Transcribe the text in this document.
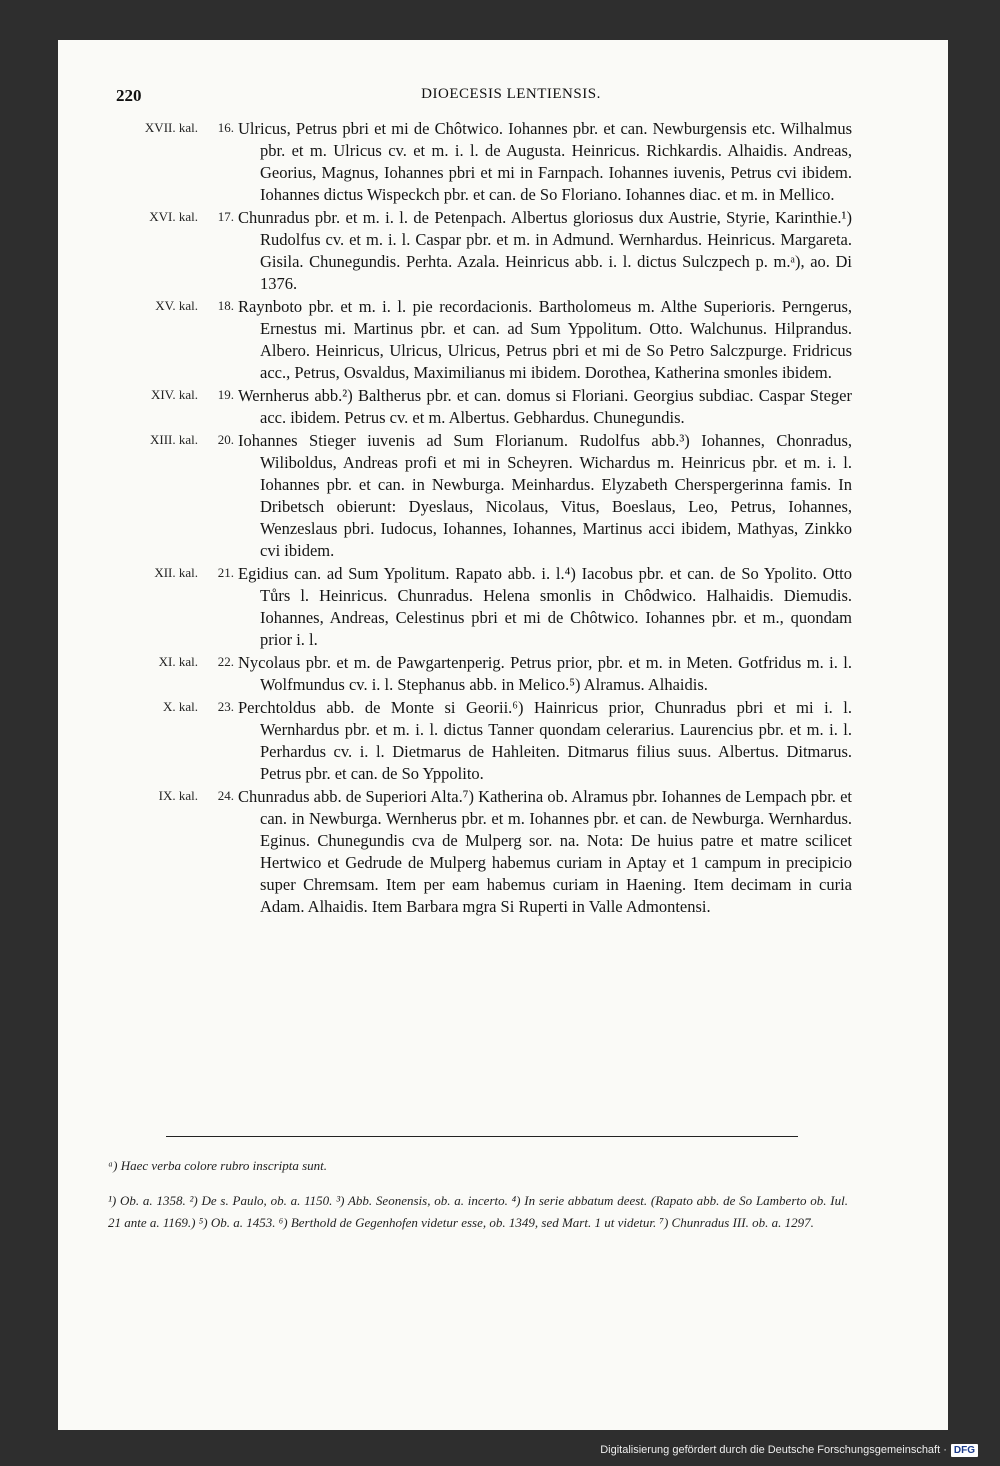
220	DIOECESIS LENTIENSIS.
XVII. kal.	16. Ulricus, Petrus pbri et mi de Chôtwico. Iohannes pbr. et can. Newburgensis etc. Wilhalmus pbr. et m. Ulricus cv. et m. i. l. de Augusta. Heinricus. Richkardis. Alhaidis. Andreas, Georius, Magnus, Iohannes pbri et mi in Farnpach. Iohannes iuvenis, Petrus cvi ibidem. Iohannes dictus Wispeckch pbr. et can. de So Floriano. Iohannes diac. et m. in Mellico.
XVI. kal.	17. Chunradus pbr. et m. i. l. de Petenpach. Albertus gloriosus dux Austrie, Styrie, Karinthie.¹) Rudolfus cv. et m. i. l. Caspar pbr. et m. in Admund. Wernhardus. Heinricus. Margareta. Gisila. Chunegundis. Perhta. Azala. Heinricus abb. i. l. dictus Sulczpech p. m.ᵃ), ao. Di 1376.
XV. kal.	18. Raynboto pbr. et m. i. l. pie recordacionis. Bartholomeus m. Althe Superioris. Perngerus, Ernestus mi. Martinus pbr. et can. ad Sum Yppolitum. Otto. Walchunus. Hilprandus. Albero. Heinricus, Ulricus, Ulricus, Petrus pbri et mi de So Petro Salczpurge. Fridricus acc., Petrus, Osvaldus, Maximilianus mi ibidem. Dorothea, Katherina smonles ibidem.
XIV. kal.	19. Wernherus abb.²) Baltherus pbr. et can. domus si Floriani. Georgius subdiac. Caspar Steger acc. ibidem. Petrus cv. et m. Albertus. Gebhardus. Chunegundis.
XIII. kal.	20. Iohannes Stieger iuvenis ad Sum Florianum. Rudolfus abb.³) Iohannes, Chonradus, Wiliboldus, Andreas profi et mi in Scheyren. Wichardus m. Heinricus pbr. et m. i. l. Iohannes pbr. et can. in Newburga. Meinhardus. Elyzabeth Cherspergerinna famis. In Dribetsch obierunt: Dyeslaus, Nicolaus, Vitus, Boeslaus, Leo, Petrus, Iohannes, Wenzeslaus pbri. Iudocus, Iohannes, Iohannes, Martinus acci ibidem, Mathyas, Zinkko cvi ibidem.
XII. kal.	21. Egidius can. ad Sum Ypolitum. Rapato abb. i. l.⁴) Iacobus pbr. et can. de So Ypolito. Otto Tůrs l. Heinricus. Chunradus. Helena smonlis in Chôdwico. Halhaidis. Diemudis. Iohannes, Andreas, Celestinus pbri et mi de Chôtwico. Iohannes pbr. et m., quondam prior i. l.
XI. kal.	22. Nycolaus pbr. et m. de Pawgartenperig. Petrus prior, pbr. et m. in Meten. Gotfridus m. i. l. Wolfmundus cv. i. l. Stephanus abb. in Melico.⁵) Alramus. Alhaidis.
X. kal.	23. Perchtoldus abb. de Monte si Georii.⁶) Hainricus prior, Chunradus pbri et mi i. l. Wernhardus pbr. et m. i. l. dictus Tanner quondam celerarius. Laurencius pbr. et m. i. l. Perhardus cv. i. l. Dietmarus de Hahleiten. Ditmarus filius suus. Albertus. Ditmarus. Petrus pbr. et can. de So Yppolito.
IX. kal.	24. Chunradus abb. de Superiori Alta.⁷) Katherina ob. Alramus pbr. Iohannes de Lempach pbr. et can. in Newburga. Wernherus pbr. et m. Iohannes pbr. et can. de Newburga. Wernhardus. Eginus. Chunegundis cva de Mulperg sor. na. Nota: De huius patre et matre scilicet Hertwico et Gedrude de Mulperg habemus curiam in Aptay et 1 campum in precipicio super Chremsam. Item per eam habemus curiam in Haening. Item decimam in curia Adam. Alhaidis. Item Barbara mgra Si Ruperti in Valle Admontensi.
ᵃ) Haec verba colore rubro inscripta sunt.
¹) Ob. a. 1358. ²) De s. Paulo, ob. a. 1150. ³) Abb. Seonensis, ob. a. incerto. ⁴) In serie abbatum deest. (Rapato abb. de So Lamberto ob. Iul. 21 ante a. 1169.) ⁵) Ob. a. 1453. ⁶) Berthold de Gegenhofen videtur esse, ob. 1349, sed Mart. 1 ut videtur. ⁷) Chunradus III. ob. a. 1297.
Digitalisierung gefördert durch die Deutsche Forschungsgemeinschaft · DFG
